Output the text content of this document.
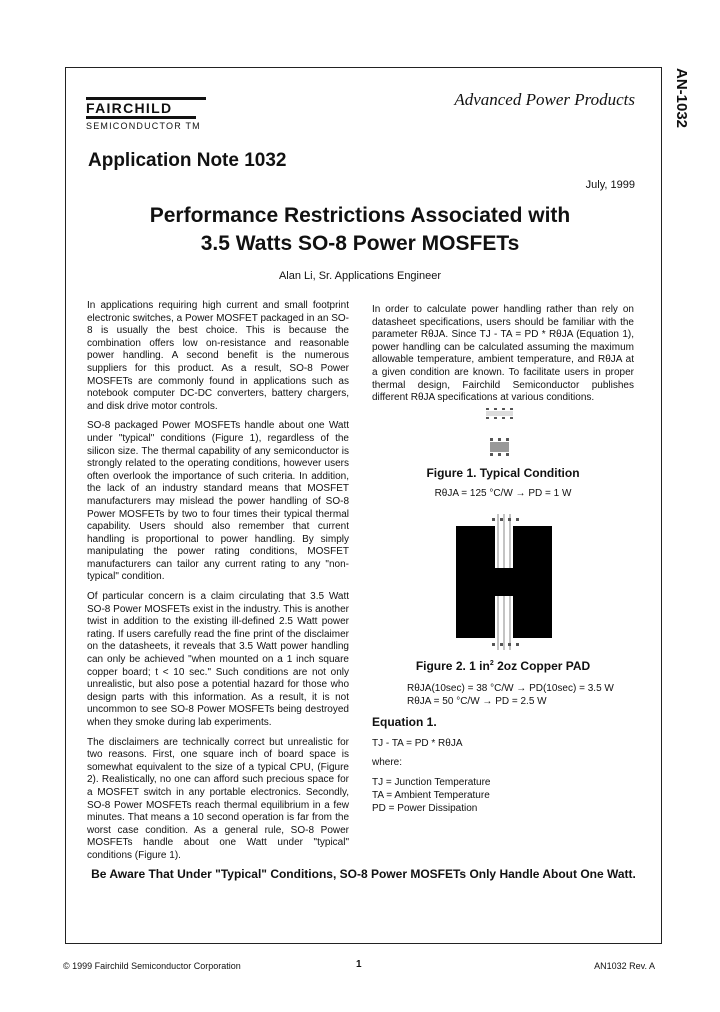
AN-1032
FAIRCHILD
SEMICONDUCTOR TM
Advanced Power Products
Application Note 1032
July, 1999
Performance Restrictions Associated with
3.5 Watts SO-8 Power MOSFETs
Alan Li, Sr. Applications Engineer

In applications requiring high current and small footprint electronic switches, a Power MOSFET packaged in an SO-8 is usually the best choice. This is because the combination offers low on-resistance and reasonable power handling. A second benefit is the numerous suppliers for this product. As a result, SO-8 Power MOSFETs are commonly found in applications such as notebook computer DC-DC converters, battery chargers, and disk drive motor controls.

SO-8 packaged Power MOSFETs handle about one Watt under "typical" conditions (Figure 1), regardless of the silicon size. The thermal capability of any semiconductor is strongly related to the operating conditions, however users often overlook the importance of such criteria. In addition, the lack of an industry standard means that MOSFET manufacturers may mislead the power handling of SO-8 Power MOSFETs by two to four times their typical thermal capability. Users should also remember that current handling is proportional to power handling. By simply manipulating the power rating conditions, MOSFET manufacturers can tailor any current rating to any "non-typical" condition.

Of particular concern is a claim circulating that 3.5 Watt SO-8 Power MOSFETs exist in the industry. This is another twist in addition to the existing ill-defined 2.5 Watt power rating. If users carefully read the fine print of the disclaimer on the datasheets, it reveals that 3.5 Watt power handling can only be achieved "when mounted on a 1 inch square copper board; t < 10 sec." Such conditions are not only unrealistic, but also pose a potential hazard for those who design parts with this information. As a result, it is not uncommon to see SO-8 Power MOSFETs being destroyed when they smoke during lab experiments.

The disclaimers are technically correct but unrealistic for two reasons. First, one square inch of board space is somewhat equivalent to the size of a typical CPU, (Figure 2). Realistically, no one can afford such precious space for a MOSFET switch in any portable electronics. Secondly, SO-8 Power MOSFETs reach thermal equilibrium in a few minutes. That means a 10 second operation is far from the worst case condition. As a general rule, SO-8 Power MOSFETs handle about one Watt under "typical" conditions (Figure 1).

In order to calculate power handling rather than rely on datasheet specifications, users should be familiar with the parameter RθJA. Since TJ - TA = PD * RθJA (Equation 1), power handling can be calculated assuming the maximum allowable temperature, ambient temperature, and RθJA at a given condition are known. To facilitate users in proper thermal design, Fairchild Semiconductor publishes different RθJA specifications at various conditions.

Figure 1. Typical Condition
RθJA = 125 °C/W → PD = 1 W
Figure 2. 1 $in^2$ 2oz Copper PAD
RθJA(10sec) = 38 °C/W → PD(10sec) = 3.5 W
RθJA = 50 °C/W → PD = 2.5 W
Equation 1.
TJ - TA = PD * RθJA
where:
TJ = Junction Temperature
TA = Ambient Temperature
PD = Power Dissipation
Be Aware That Under "Typical" Conditions, SO-8 Power MOSFETs Only Handle About One Watt.
© 1999 Fairchild Semiconductor Corporation	1	AN1032 Rev. A
